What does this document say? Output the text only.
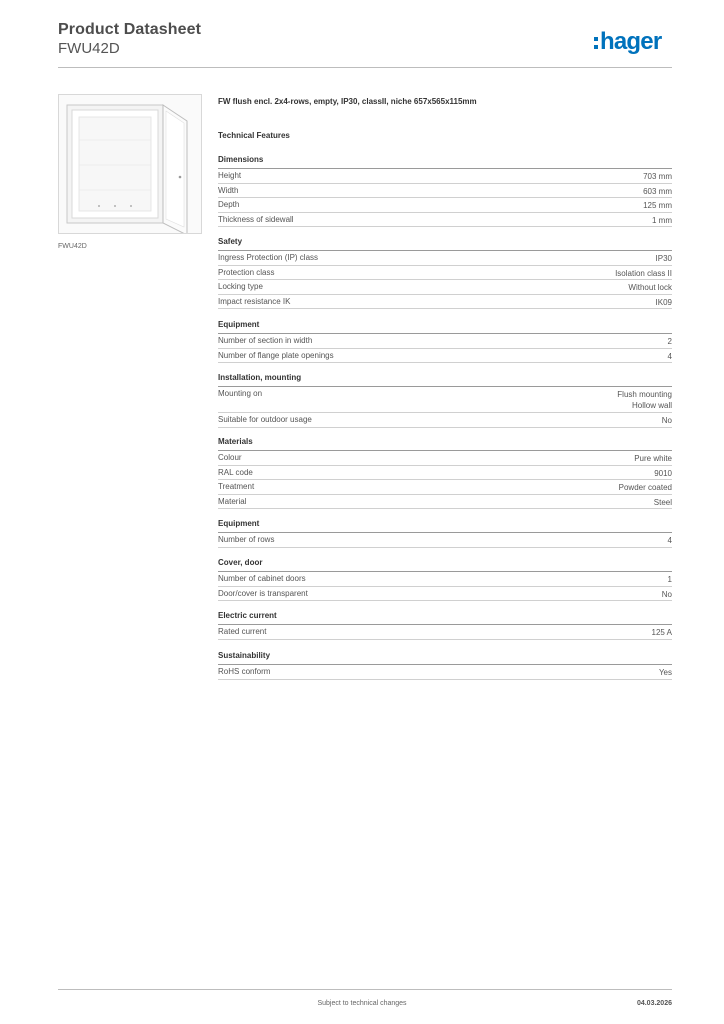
Product Datasheet
FWU42D	hager
FWU42D
FW flush encl. 2x4-rows, empty, IP30, classII, niche 657x565x115mm
Technical Features
Dimensions
Height	703 mm
Width	603 mm
Depth	125 mm
Thickness of sidewall	1 mm
Safety
Ingress Protection (IP) class	IP30
Protection class	Isolation class II
Locking type	Without lock
Impact resistance IK	IK09
Equipment
Number of section in width	2
Number of flange plate openings	4
Installation, mounting
Mounting on	Flush mounting
Hollow wall
Suitable for outdoor usage	No
Materials
Colour	Pure white
RAL code	9010
Treatment	Powder coated
Material	Steel
Equipment
Number of rows	4
Cover, door
Number of cabinet doors	1
Door/cover is transparent	No
Electric current
Rated current	125 A
Sustainability
RoHS conform	Yes
Subject to technical changes	04.03.2026
